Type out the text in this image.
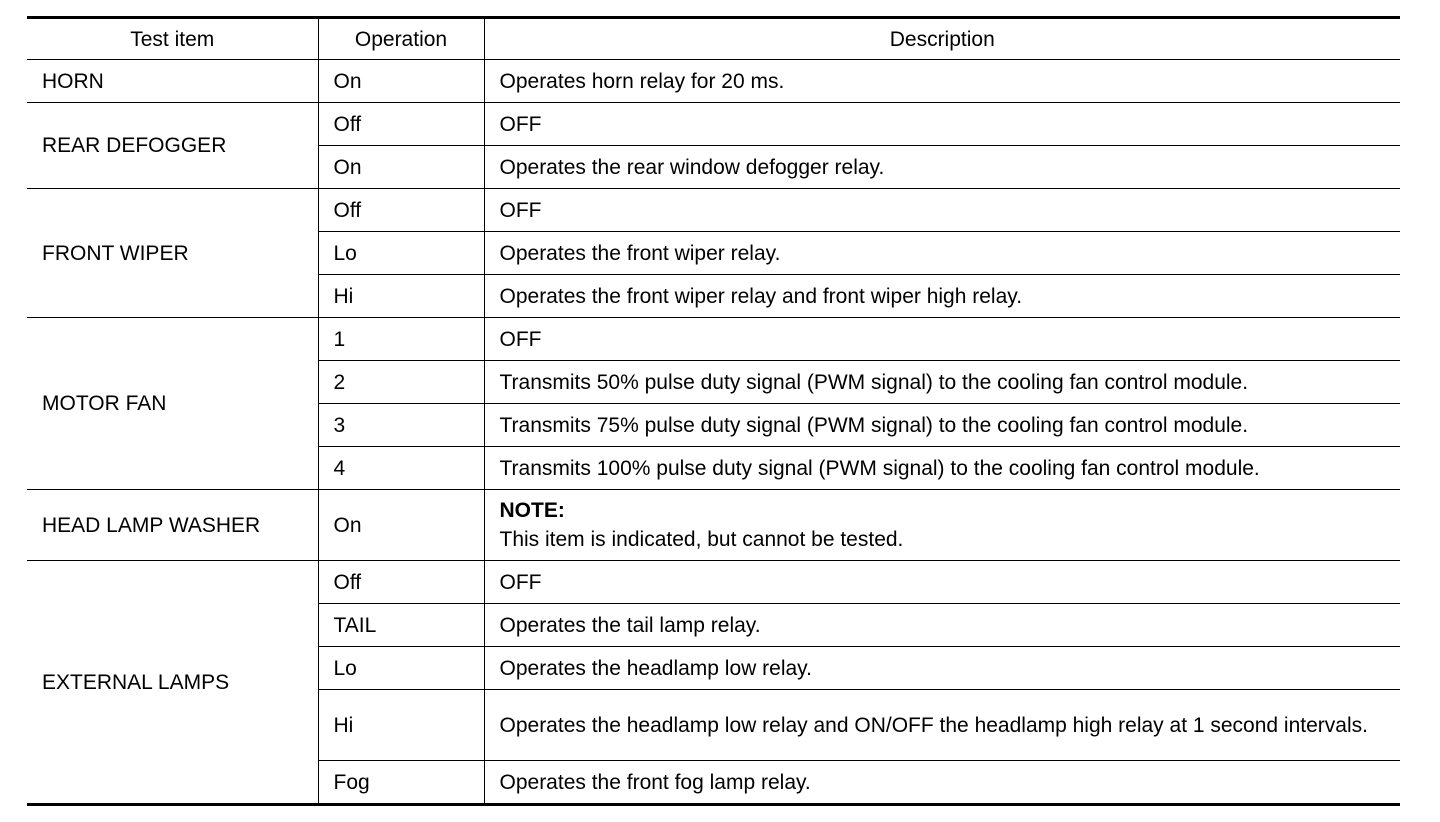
Test item	Operation	Description
HORN	On	Operates horn relay for 20 ms.
REAR DEFOGGER	Off	OFF
	On	Operates the rear window defogger relay.
FRONT WIPER	Off	OFF
	Lo	Operates the front wiper relay.
	Hi	Operates the front wiper relay and front wiper high relay.
MOTOR FAN	1	OFF
	2	Transmits 50% pulse duty signal (PWM signal) to the cooling fan control module.
	3	Transmits 75% pulse duty signal (PWM signal) to the cooling fan control module.
	4	Transmits 100% pulse duty signal (PWM signal) to the cooling fan control module.
HEAD LAMP WASHER	On	NOTE:
This item is indicated, but cannot be tested.

EXTERNAL LAMPS	Off	OFF
	TAIL	Operates the tail lamp relay.
	Lo	Operates the headlamp low relay.
	Hi	Operates the headlamp low relay and ON/OFF the headlamp high relay at 1 second intervals.
	Fog	Operates the front fog lamp relay.
